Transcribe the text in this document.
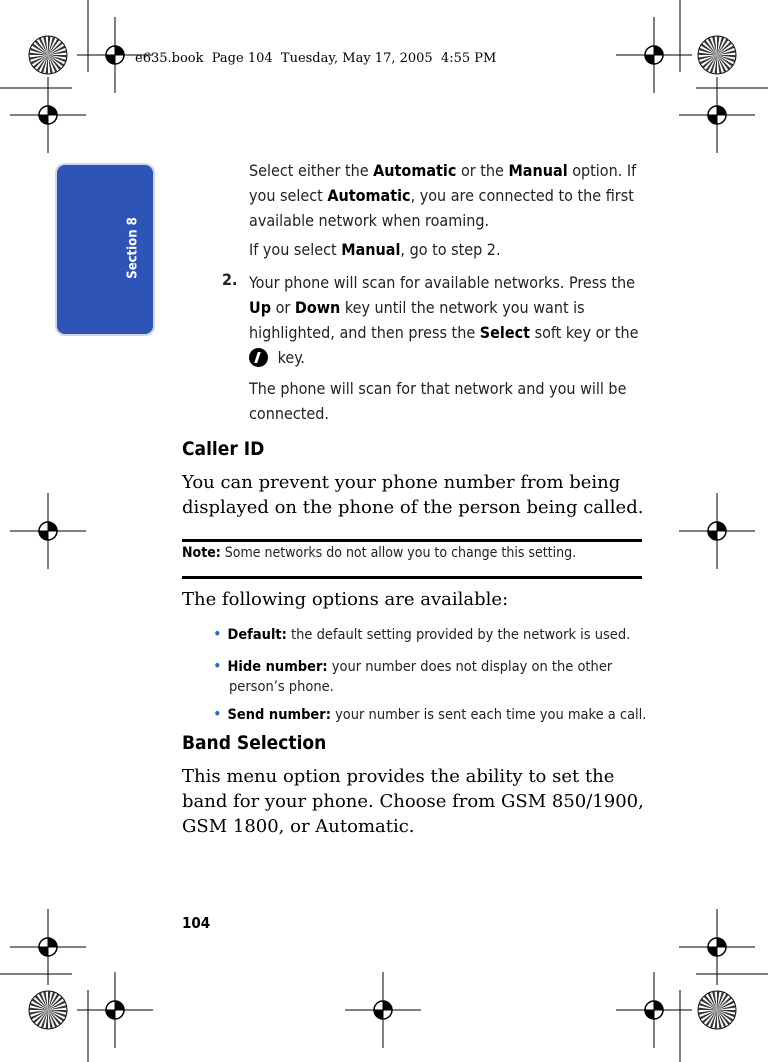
e635.book  Page 104  Tuesday, May 17, 2005  4:55 PM
Section 8
Select either the Automatic or the Manual option. If you select Automatic, you are connected to the first available network when roaming.
If you select Manual, go to step 2.
2. Your phone will scan for available networks. Press the Up or Down key until the network you want is highlighted, and then press the Select soft key or the
key.
The phone will scan for that network and you will be connected.
Caller ID
You can prevent your phone number from being displayed on the phone of the person being called.
Note: Some networks do not allow you to change this setting.
The following options are available:
• Default: the default setting provided by the network is used.
• Hide number: your number does not display on the other
person’s phone.
• Send number: your number is sent each time you make a call.
Band Selection
This menu option provides the ability to set the band for your phone. Choose from GSM 850/1900, GSM 1800, or Automatic.
104
